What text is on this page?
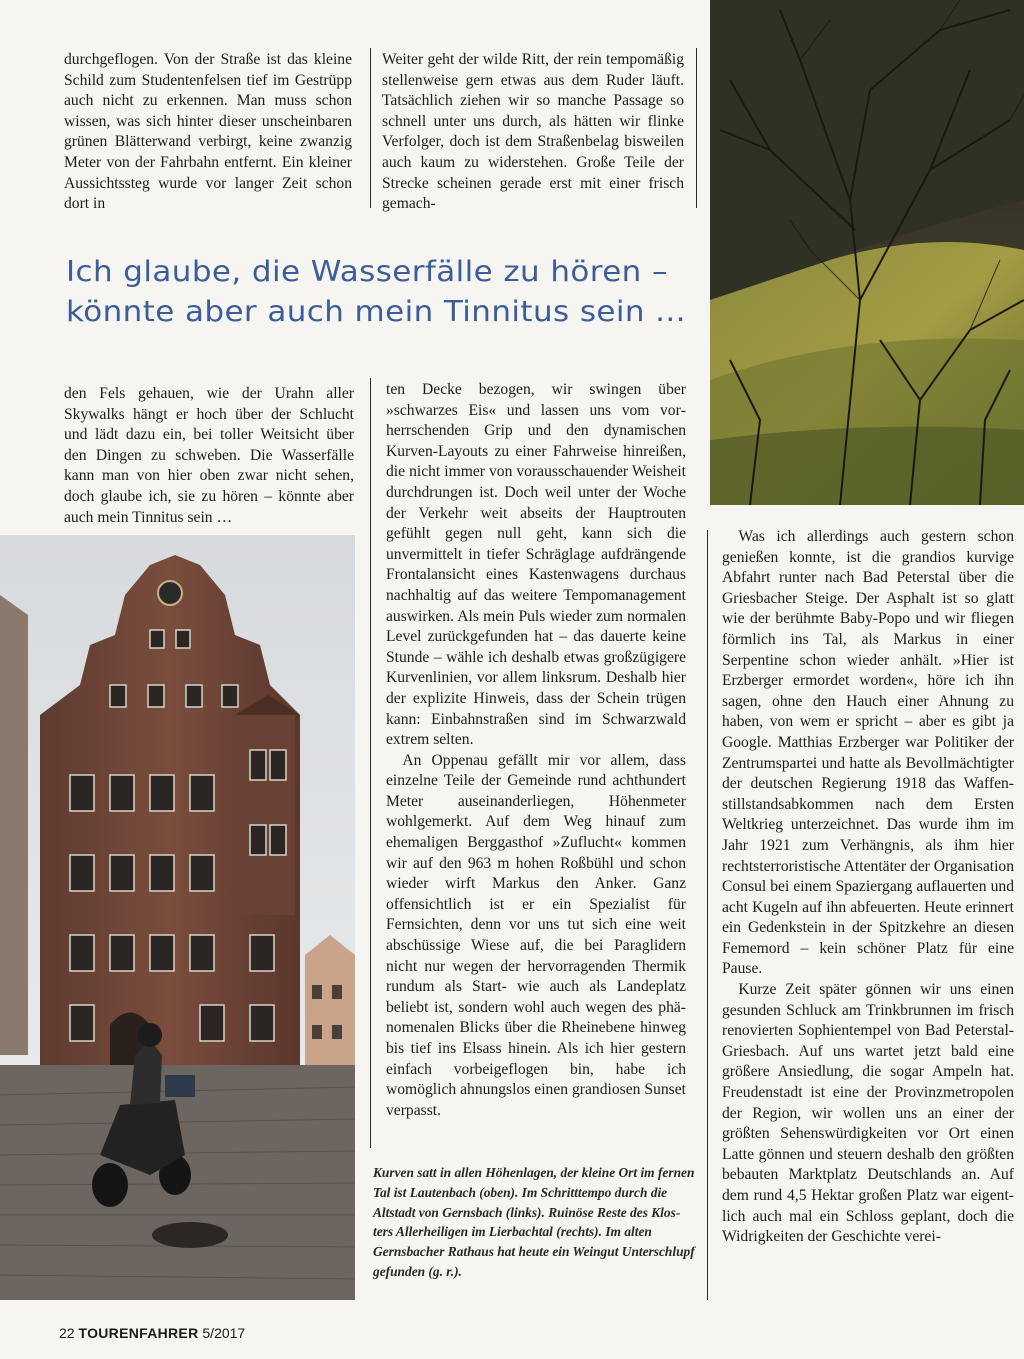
durchgeflogen. Von der Straße ist das kleine Schild zum Studentenfelsen tief im Gestrüpp auch nicht zu erkennen. Man muss schon wissen, was sich hinter dieser unscheinbaren grünen Blätterwand verbirgt, keine zwanzig Meter von der Fahrbahn entfernt. Ein kleiner Aussichtssteg wurde vor langer Zeit schon dort in

Weiter geht der wilde Ritt, der rein tempomäßig stellenweise gern etwas aus dem Ruder läuft. Tatsächlich ziehen wir so manche Passage so schnell unter uns durch, als hätten wir flinke Verfolger, doch ist dem Straßenbelag bisweilen auch kaum zu widerstehen. Große Teile der Strecke scheinen gerade erst mit einer frisch gemach-

Ich glaube, die Wasserfälle zu hören –
könnte aber auch mein Tinnitus sein ...

den Fels gehauen, wie der Urahn aller Skywalks hängt er hoch über der Schlucht und lädt dazu ein, bei toller Weitsicht über den Dingen zu schweben. Die Wasserfälle kann man von hier oben zwar nicht sehen, doch glaube ich, sie zu hören – könnte aber auch mein Tinnitus sein …

ten Decke bezogen, wir swingen über »schwarzes Eis« und lassen uns vom vorherrschenden Grip und den dynamischen Kurven-Layouts zu einer Fahrweise hinreißen, die nicht immer von vorausschauender Weisheit durchdrungen ist. Doch weil unter der Woche der Verkehr weit abseits der Hauptrouten gefühlt gegen null geht, kann sich die unvermittelt in tiefer Schräglage aufdrängende Frontalansicht eines Kastenwagens durchaus nachhaltig auf das weitere Tempomanagement auswirken. Als mein Puls wieder zum normalen Level zurückgefunden hat – das dauerte keine Stunde – wähle ich deshalb etwas großzügigere Kurvenlinien, vor allem linksrum. Deshalb hier der explizite Hinweis, dass der Schein trügen kann: Einbahnstraßen sind im Schwarzwald extrem selten.

An Oppenau gefällt mir vor allem, dass einzelne Teile der Gemeinde rund achthundert Meter auseinanderliegen, Höhenmeter wohlgemerkt. Auf dem Weg hinauf zum ehemaligen Berggasthof »Zuflucht« kommen wir auf den 963 m hohen Roßbühl und schon wieder wirft Markus den Anker. Ganz offensichtlich ist er ein Spezialist für Fernsichten, denn vor uns tut sich eine weit abschüssige Wiese auf, die bei Paraglidern nicht nur wegen der hervorragenden Thermik rundum als Start- wie auch als Landeplatz beliebt ist, sondern wohl auch wegen des phänomenalen Blicks über die Rheinebene hinweg bis tief ins Elsass hinein. Als ich hier gestern einfach vorbeigeflogen bin, habe ich womöglich ahnungslos einen grandiosen Sunset verpasst.

Kurven satt in allen Höhenlagen, der kleine Ort im fernen Tal ist Lautenbach (oben). Im Schritttempo durch die Altstadt von Gernsbach (links). Ruinöse Reste des Klosters Allerheiligen im Lierbachtal (rechts). Im alten Gernsbacher Rathaus hat heute ein Weingut Unterschlupf gefunden (g. r.).

Was ich allerdings auch gestern schon genießen konnte, ist die grandios kurvige Abfahrt runter nach Bad Peterstal über die Griesbacher Steige. Der Asphalt ist so glatt wie der berühmte Baby-Popo und wir fliegen förmlich ins Tal, als Markus in einer Serpentine schon wieder anhält. »Hier ist Erzberger ermordet worden«, höre ich ihn sagen, ohne den Hauch einer Ahnung zu haben, von wem er spricht – aber es gibt ja Google. Matthias Erzberger war Politiker der Zentrumspartei und hatte als Bevollmächtigter der deutschen Regierung 1918 das Waffenstillstandsabkommen nach dem Ersten Weltkrieg unterzeichnet. Das wurde ihm im Jahr 1921 zum Verhängnis, als ihm hier rechtsterroristische Attentäter der Organisation Consul bei einem Spaziergang auflauerten und acht Kugeln auf ihn abfeuerten. Heute erinnert ein Gedenkstein in der Spitzkehre an diesen Fememord – kein schöner Platz für eine Pause.

Kurze Zeit später gönnen wir uns einen gesunden Schluck am Trinkbrunnen im frisch renovierten Sophientempel von Bad Peterstal-Griesbach. Auf uns wartet jetzt bald eine größere Ansiedlung, die sogar Ampeln hat. Freudenstadt ist eine der Provinzmetropolen der Region, wir wollen uns an einer der größten Sehenswürdigkeiten vor Ort einen Latte gönnen und steuern deshalb den größten bebauten Marktplatz Deutschlands an. Auf dem rund 4,5 Hektar großen Platz war eigentlich auch mal ein Schloss geplant, doch die Widrigkeiten der Geschichte verei-

22 TOURENFAHRER 5/2017
